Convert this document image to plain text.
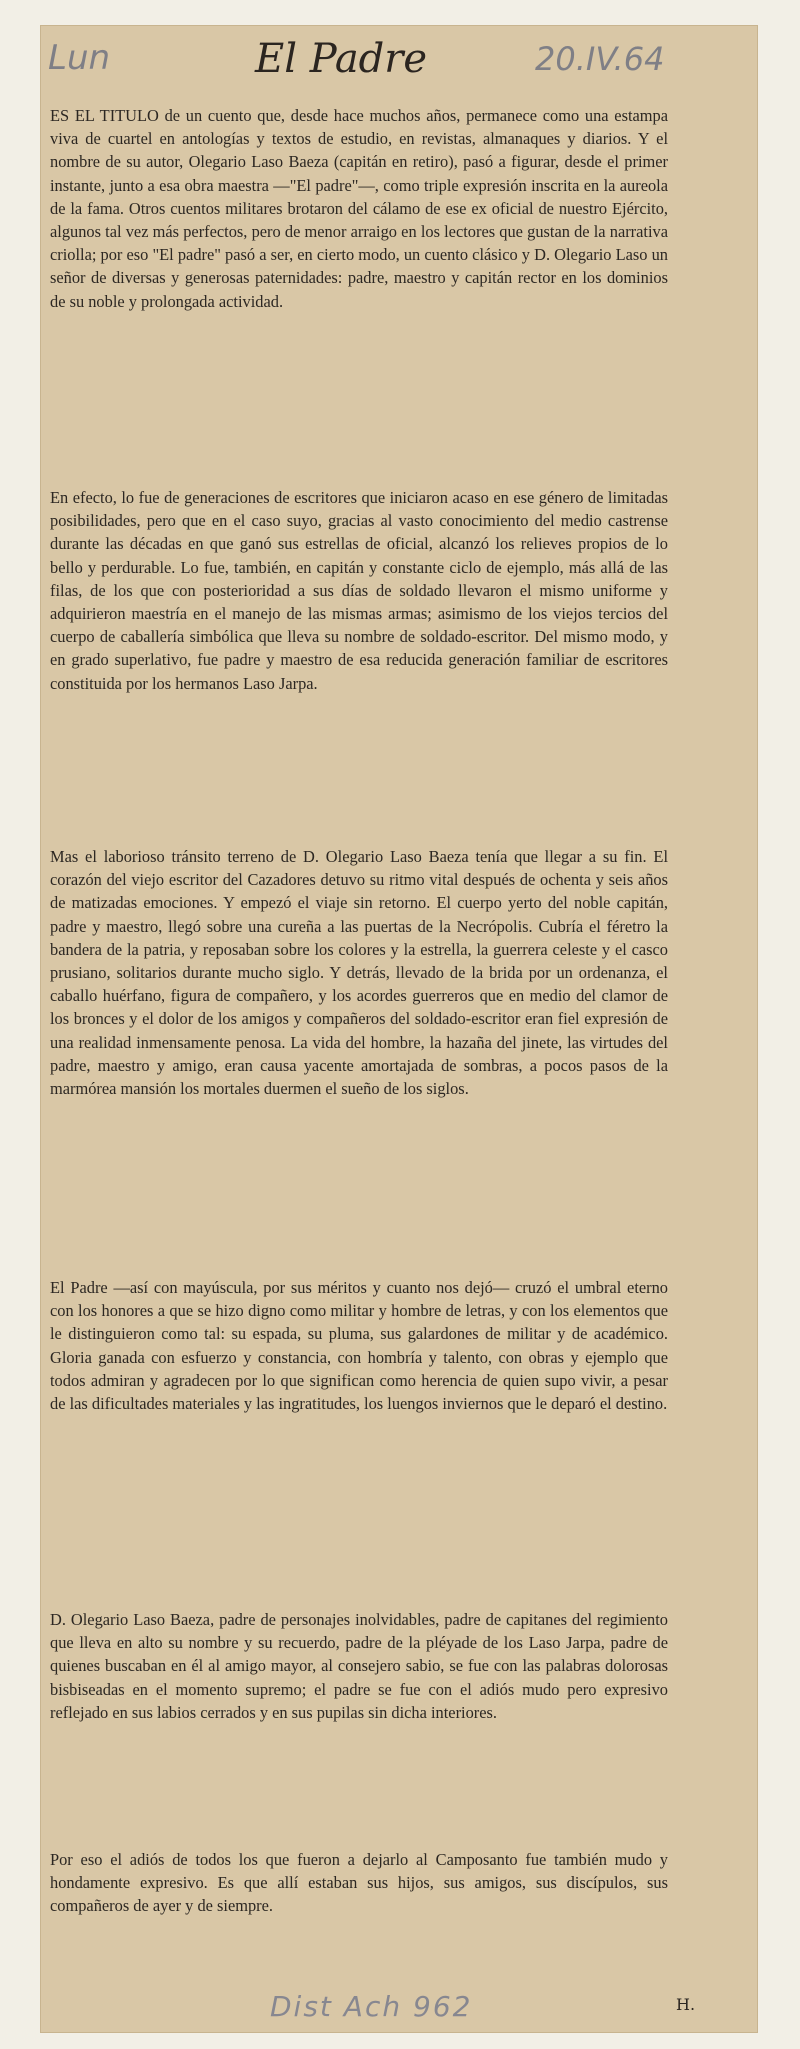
Lun	El Padre	20.IV.64

ES EL TITULO de un cuento que, desde hace muchos años, permanece como una estampa viva de cuartel en antologías y textos de estudio, en revistas, almanaques y diarios. Y el nombre de su autor, Olegario Laso Baeza (capitán en retiro), pasó a figurar, desde el primer instante, junto a esa obra maestra —"El padre"—, como triple expresión inscrita en la aureola de la fama. Otros cuentos militares brotaron del cálamo de ese ex oficial de nuestro Ejército, algunos tal vez más perfectos, pero de menor arraigo en los lectores que gustan de la narrativa criolla; por eso "El padre" pasó a ser, en cierto modo, un cuento clásico y D. Olegario Laso un señor de diversas y generosas paternidades: padre, maestro y capitán rector en los dominios de su noble y prolongada actividad.

En efecto, lo fue de generaciones de escritores que iniciaron acaso en ese género de limitadas posibilidades, pero que en el caso suyo, gracias al vasto conocimiento del medio castrense durante las décadas en que ganó sus estrellas de oficial, alcanzó los relieves propios de lo bello y perdurable. Lo fue, también, en capitán y constante ciclo de ejemplo, más allá de las filas, de los que con posterioridad a sus días de soldado llevaron el mismo uniforme y adquirieron maestría en el manejo de las mismas armas; asimismo de los viejos tercios del cuerpo de caballería simbólica que lleva su nombre de soldado-escritor. Del mismo modo, y en grado superlativo, fue padre y maestro de esa reducida generación familiar de escritores constituida por los hermanos Laso Jarpa.

Mas el laborioso tránsito terreno de D. Olegario Laso Baeza tenía que llegar a su fin. El corazón del viejo escritor del Cazadores detuvo su ritmo vital después de ochenta y seis años de matizadas emociones. Y empezó el viaje sin retorno. El cuerpo yerto del noble capitán, padre y maestro, llegó sobre una cureña a las puertas de la Necrópolis. Cubría el féretro la bandera de la patria, y reposaban sobre los colores y la estrella, la guerrera celeste y el casco prusiano, solitarios durante mucho siglo. Y detrás, llevado de la brida por un ordenanza, el caballo huérfano, figura de compañero, y los acordes guerreros que en medio del clamor de los bronces y el dolor de los amigos y compañeros del soldado-escritor eran fiel expresión de una realidad inmensamente penosa. La vida del hombre, la hazaña del jinete, las virtudes del padre, maestro y amigo, eran causa yacente amortajada de sombras, a pocos pasos de la marmórea mansión los mortales duermen el sueño de los siglos.

El Padre —así con mayúscula, por sus méritos y cuanto nos dejó— cruzó el umbral eterno con los honores a que se hizo digno como militar y hombre de letras, y con los elementos que le distinguieron como tal: su espada, su pluma, sus galardones de militar y de académico. Gloria ganada con esfuerzo y constancia, con hombría y talento, con obras y ejemplo que todos admiran y agradecen por lo que significan como herencia de quien supo vivir, a pesar de las dificultades materiales y las ingratitudes, los luengos inviernos que le deparó el destino.

D. Olegario Laso Baeza, padre de personajes inolvidables, padre de capitanes del regimiento que lleva en alto su nombre y su recuerdo, padre de la pléyade de los Laso Jarpa, padre de quienes buscaban en él al amigo mayor, al consejero sabio, se fue con las palabras dolorosas bisbiseadas en el momento supremo; el padre se fue con el adiós mudo pero expresivo reflejado en sus labios cerrados y en sus pupilas sin dicha interiores.

Por eso el adiós de todos los que fueron a dejarlo al Camposanto fue también mudo y hondamente expresivo. Es que allí estaban sus hijos, sus amigos, sus discípulos, sus compañeros de ayer y de siempre.

Dist Ach 962	H.
